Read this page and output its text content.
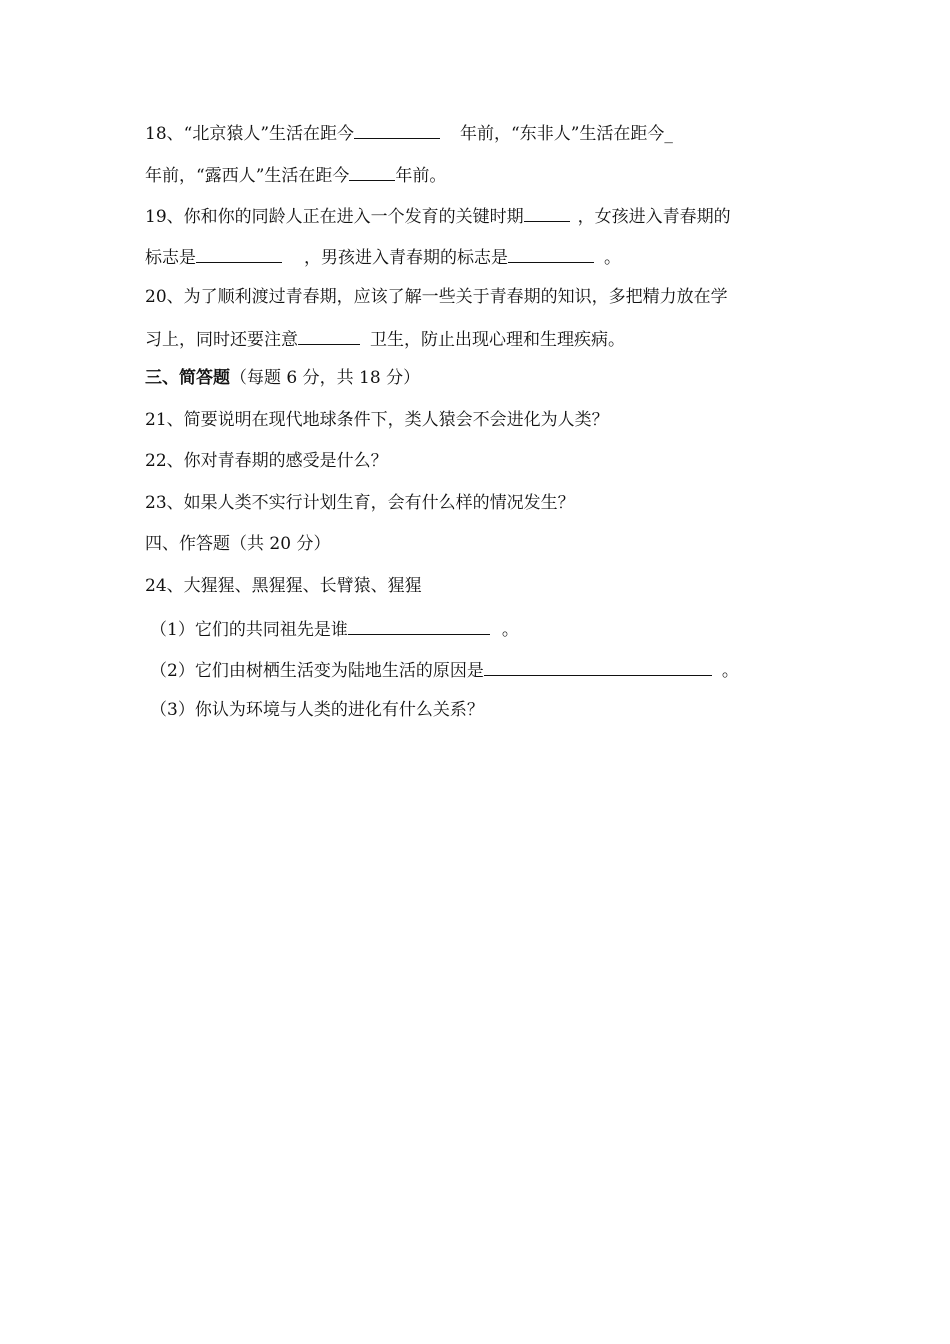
18、“北京猿人”生活在距今	年前，“东非人”生活在距今_
年前，“露西人”生活在距今	年前。
19、你和你的同龄人正在进入一个发育的关键时期	，女孩进入青春期的
标志是	，男孩进入青春期的标志是	。
20、为了顺利渡过青春期，应该了解一些关于青春期的知识，多把精力放在学
习上，同时还要注意	卫生，防止出现心理和生理疾病。
三、简答题（每题 6 分，共 18 分）
21、简要说明在现代地球条件下，类人猿会不会进化为人类？
22、你对青春期的感受是什么？
23、如果人类不实行计划生育，会有什么样的情况发生？
四、作答题（共 20 分）
24、大猩猩、黑猩猩、长臂猿、猩猩
（1）它们的共同祖先是谁	。
（2）它们由树栖生活变为陆地生活的原因是	。
（3）你认为环境与人类的进化有什么关系？
